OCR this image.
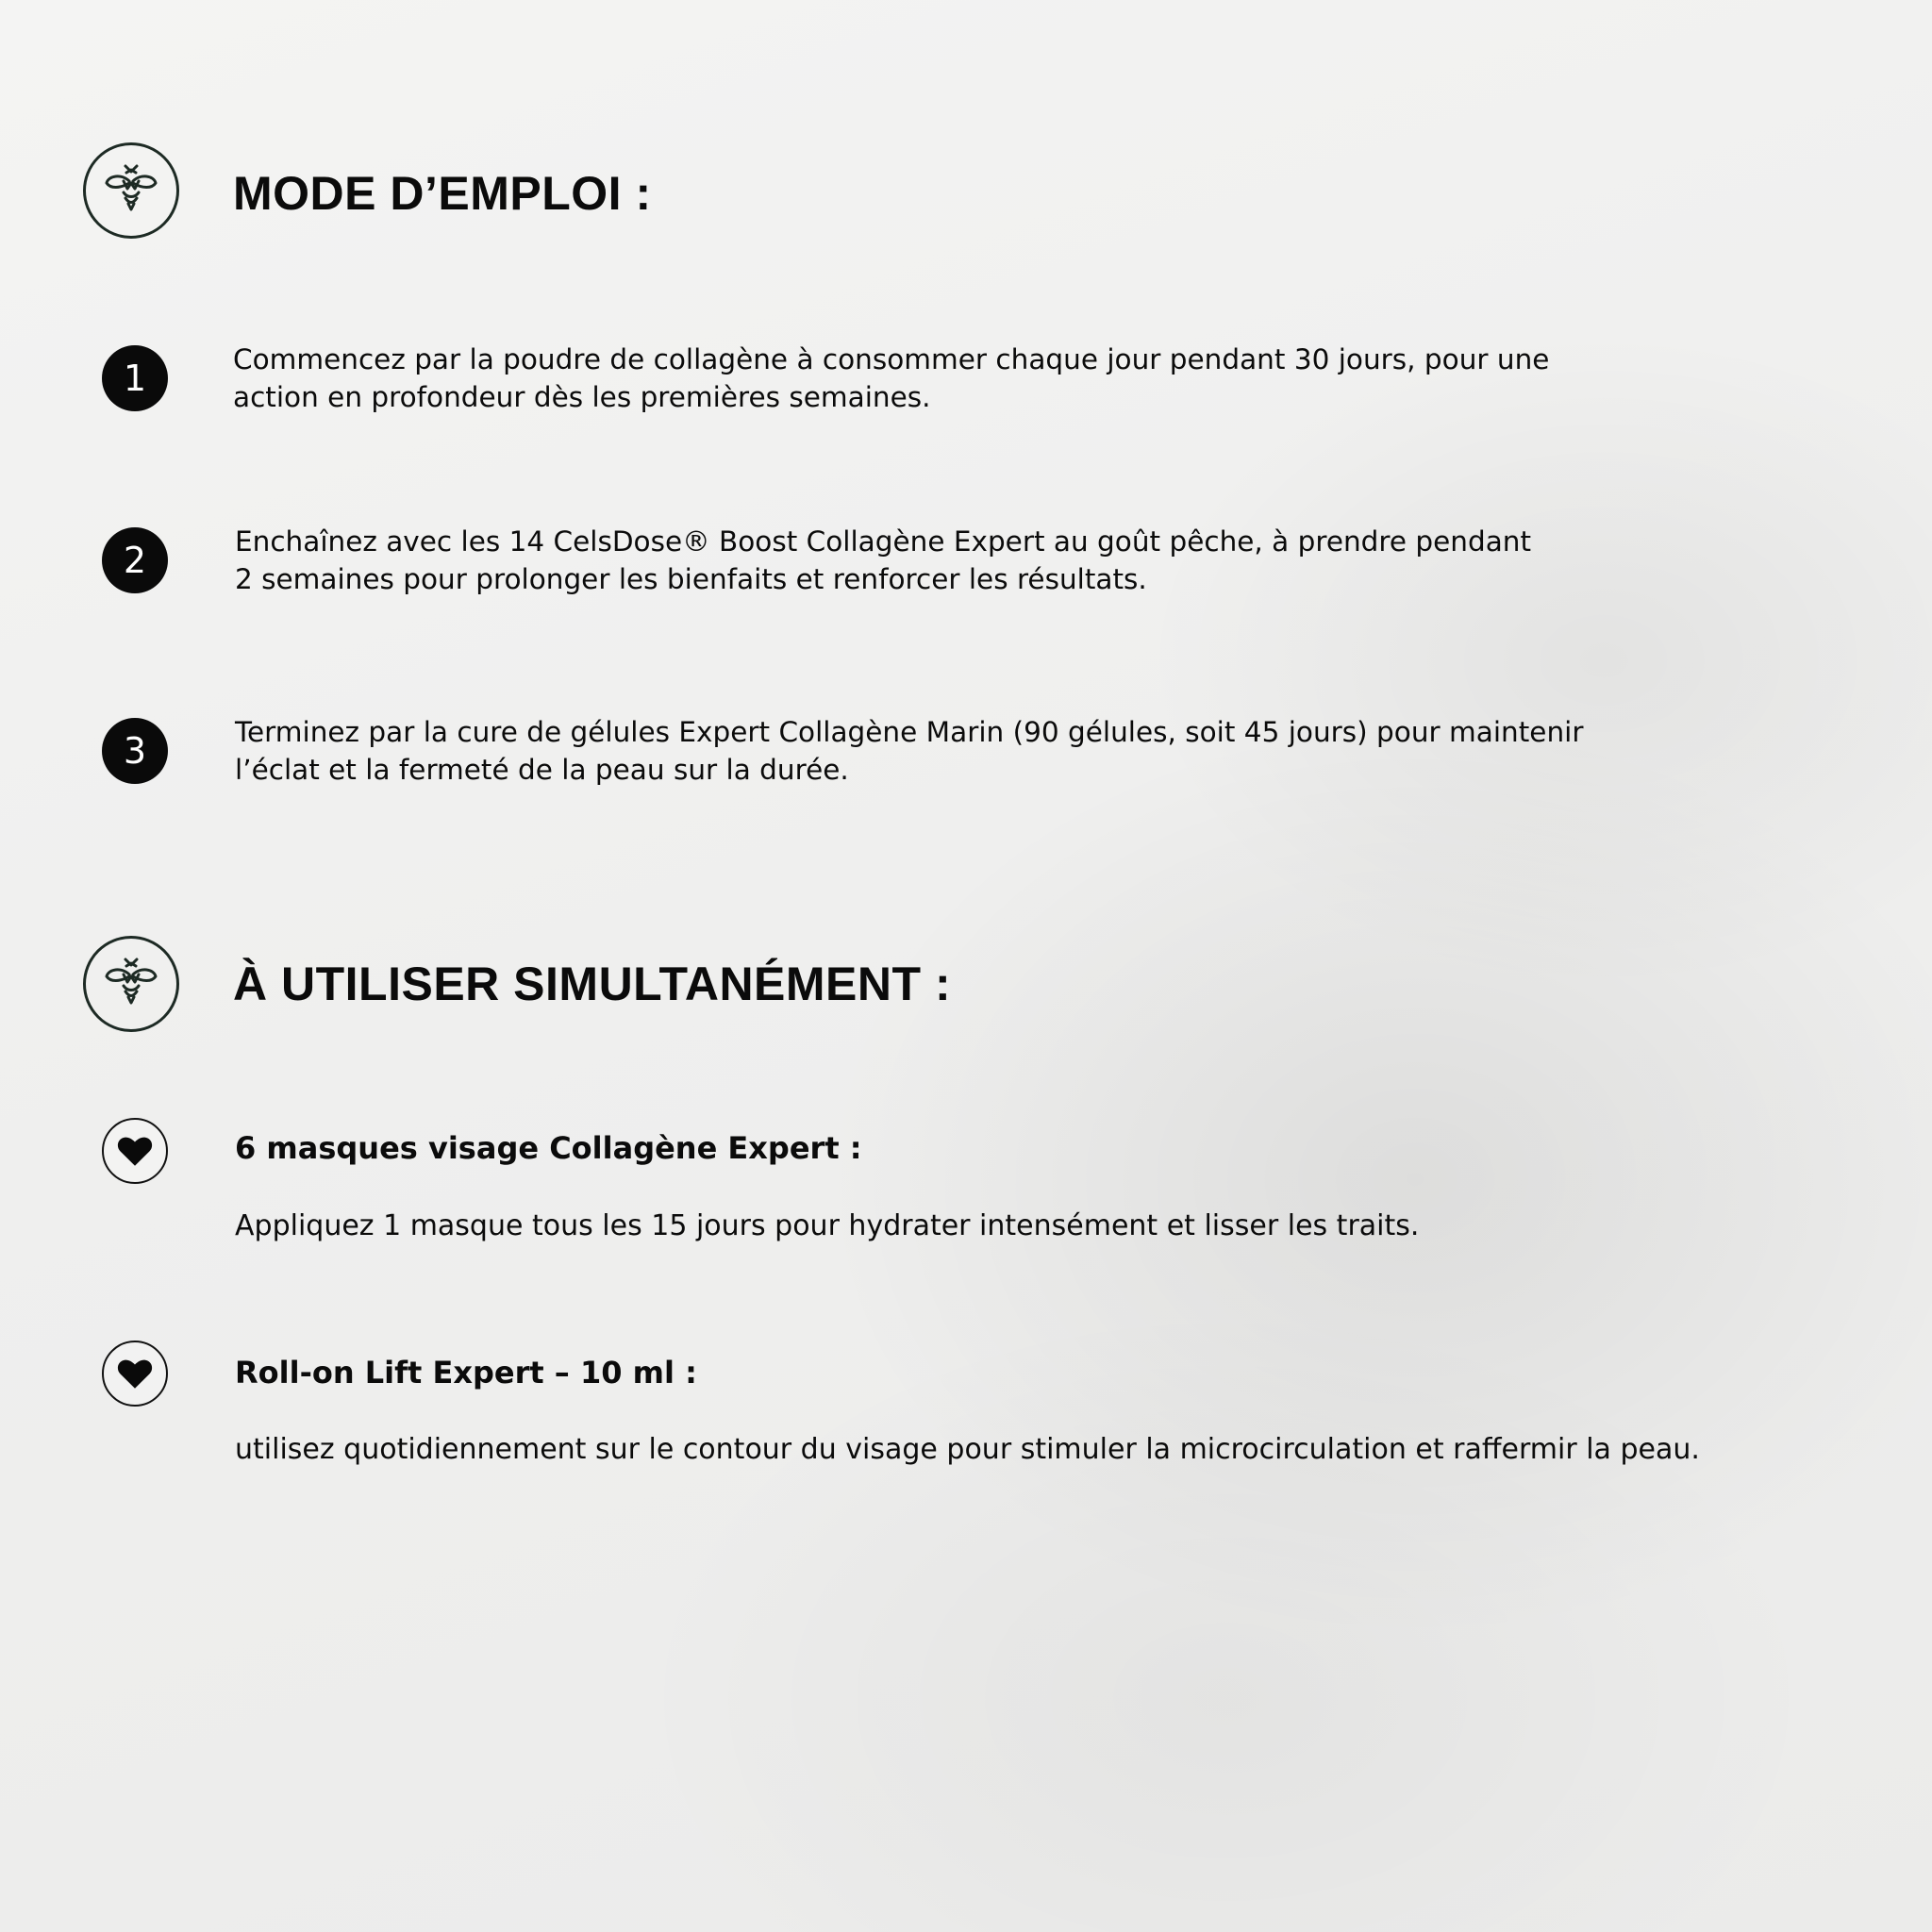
MODE D’EMPLOI :
1	Commencez par la poudre de collagène à consommer chaque jour pendant 30 jours, pour une
action en profondeur dès les premières semaines.
2	Enchaînez avec les 14 CelsDose® Boost Collagène Expert au goût pêche, à prendre pendant
2 semaines pour prolonger les bienfaits et renforcer les résultats.
3	Terminez par la cure de gélules Expert Collagène Marin (90 gélules, soit 45 jours) pour maintenir
l’éclat et la fermeté de la peau sur la durée.
À UTILISER SIMULTANÉMENT :
6 masques visage Collagène Expert :
Appliquez 1 masque tous les 15 jours pour hydrater intensément et lisser les traits.
Roll-on Lift Expert – 10 ml :
utilisez quotidiennement sur le contour du visage pour stimuler la microcirculation et raffermir la peau.
